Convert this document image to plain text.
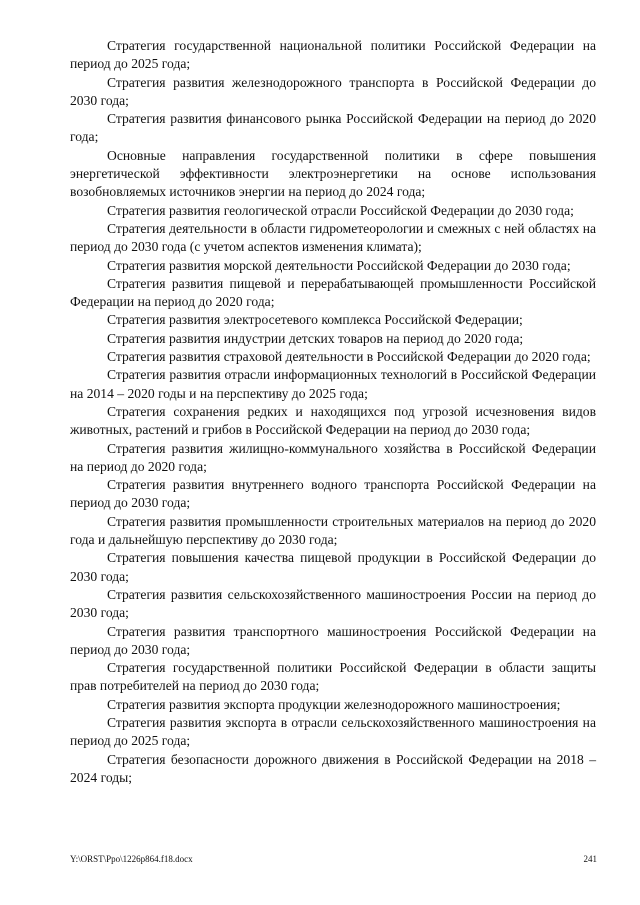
Стратегия государственной национальной политики Российской Федерации на период до 2025 года;

Стратегия развития железнодорожного транспорта в Российской Федерации до 2030 года;

Стратегия развития финансового рынка Российской Федерации на период до 2020 года;

Основные направления государственной политики в сфере повышения энергетической эффективности электроэнергетики на основе использования возобновляемых источников энергии на период до 2024 года;

Стратегия развития геологической отрасли Российской Федерации до 2030 года;

Стратегия деятельности в области гидрометеорологии и смежных с ней областях на период до 2030 года (с учетом аспектов изменения климата);

Стратегия развития морской деятельности Российской Федерации до 2030 года;

Стратегия развития пищевой и перерабатывающей промышленности Российской Федерации на период до 2020 года;

Стратегия развития электросетевого комплекса Российской Федерации;

Стратегия развития индустрии детских товаров на период до 2020 года;

Стратегия развития страховой деятельности в Российской Федерации до 2020 года;

Стратегия развития отрасли информационных технологий в Российской Федерации на 2014 – 2020 годы и на перспективу до 2025 года;

Стратегия сохранения редких и находящихся под угрозой исчезновения видов животных, растений и грибов в Российской Федерации на период до 2030 года;

Стратегия развития жилищно-коммунального хозяйства в Российской Федерации на период до 2020 года;

Стратегия развития внутреннего водного транспорта Российской Федерации на период до 2030 года;

Стратегия развития промышленности строительных материалов на период до 2020 года и дальнейшую перспективу до 2030 года;

Стратегия повышения качества пищевой продукции в Российской Федерации до 2030 года;

Стратегия развития сельскохозяйственного машиностроения России на период до 2030 года;

Стратегия развития транспортного машиностроения Российской Федерации на период до 2030 года;

Стратегия государственной политики Российской Федерации в области защиты прав потребителей на период до 2030 года;

Стратегия развития экспорта продукции железнодорожного машиностроения;

Стратегия развития экспорта в отрасли сельскохозяйственного машиностроения на период до 2025 года;

Стратегия безопасности дорожного движения в Российской Федерации на 2018 – 2024 годы;

Y:\ORST\Ppo\1226p864.f18.docx	241
